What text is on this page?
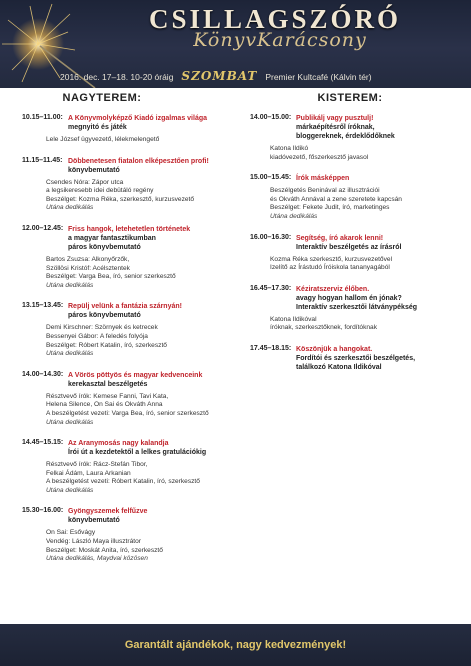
CSILLAGSZÓRÓ
KönyvKarácsony
2016. dec. 17–18. 10-20 óráig SZOMBAT Premier Kultcafé (Kálvin tér)
NAGYTEREM:
10.15–11.00: A Könyvmolyképző Kiadó izgalmas világa
megnyitó és játék
Lele József ügyvezető, lélekmelengető
11.15–11.45: Döbbenetesen fiatalon elképesztően profi!
könyvbemutató
Csendes Nóra: Zápor utca
a legsikeresebb idei debütáló regény
Beszélget: Kozma Réka, szerkesztő, kurzusvezető
Utána dedikálás
12.00–12.45: Friss hangok, letehetetlen történetek
a magyar fantasztikumban
páros könyvbemutató
Bartos Zsuzsa: Alkonyőrzők,
Szöllösi Kristóf: Acélsztentek
Beszélget: Varga Bea, író, senior szerkesztő
Utána dedikálás
13.15–13.45: Repülj velünk a fantázia szárnyán!
páros könyvbemutató
Demi Kirschner: Szörnyek és ketrecek
Bessenyei Gábor: A feledés folyója
Beszélget: Róbert Katalin, író, szerkesztő
Utána dedikálás
14.00–14.30: A Vörös pöttyös és magyar kedvenceink
kerekasztal beszélgetés
Résztvevő írók: Kemese Fanni, Tavi Kata,
Helena Silence, On Sai és Okváth Anna
A beszélgetést vezeti: Varga Bea, író, senior szerkesztő
Utána dedikálás
14.45–15.15: Az Aranymosás nagy kalandja
Írói út a kezdetektől a lelkes gratulációkig
Résztvevő írók: Rácz-Stefán Tibor,
Felkai Ádám, Laura Arkanian
A beszélgetést vezeti: Róbert Katalin, író, szerkesztő
Utána dedikálás
15.30–16.00: Gyöngyszemek felfűzve
könyvbemutató
On Sai: Esővágy
Vendég: László Maya illusztrátor
Beszélget: Moskát Anita, író, szerkesztő
Utána dedikálás, Maydvai közösen
KISTEREM:
14.00–15.00: Publikálj vagy pusztulj!
márkaépítésről íróknak,
bloggereknek, érdeklődőknek
Katona Ildikó
kiadóvezető, főszerkesztő javasol
15.00–15.45: Írók másképpen
Beszélgetés Beninával az illusztrációi
és Okváth Annával a zene szeretete kapcsán
Beszélget: Fekete Judit, író, marketinges
Utána dedikálás
16.00–16.30: Segítség, író akarok lenni!
Interaktív beszélgetés az írásról
Kozma Réka szerkesztő, kurzusvezetővel
Izelítő az Írástudó Íróiskola tananyagából
16.45–17.30: Kéziratszerviz élőben.
avagy hogyan hallom én jónak?
Interaktív szerkesztői látványpékség
Katona Ildikóval
íróknak, szerkesztőknek, fordítóknak
17.45–18.15: Köszönjük a hangokat.
Fordítói és szerkesztői beszélgetés,
találkozó Katona Ildikóval
Garantált ajándékok, nagy kedvezmények!
